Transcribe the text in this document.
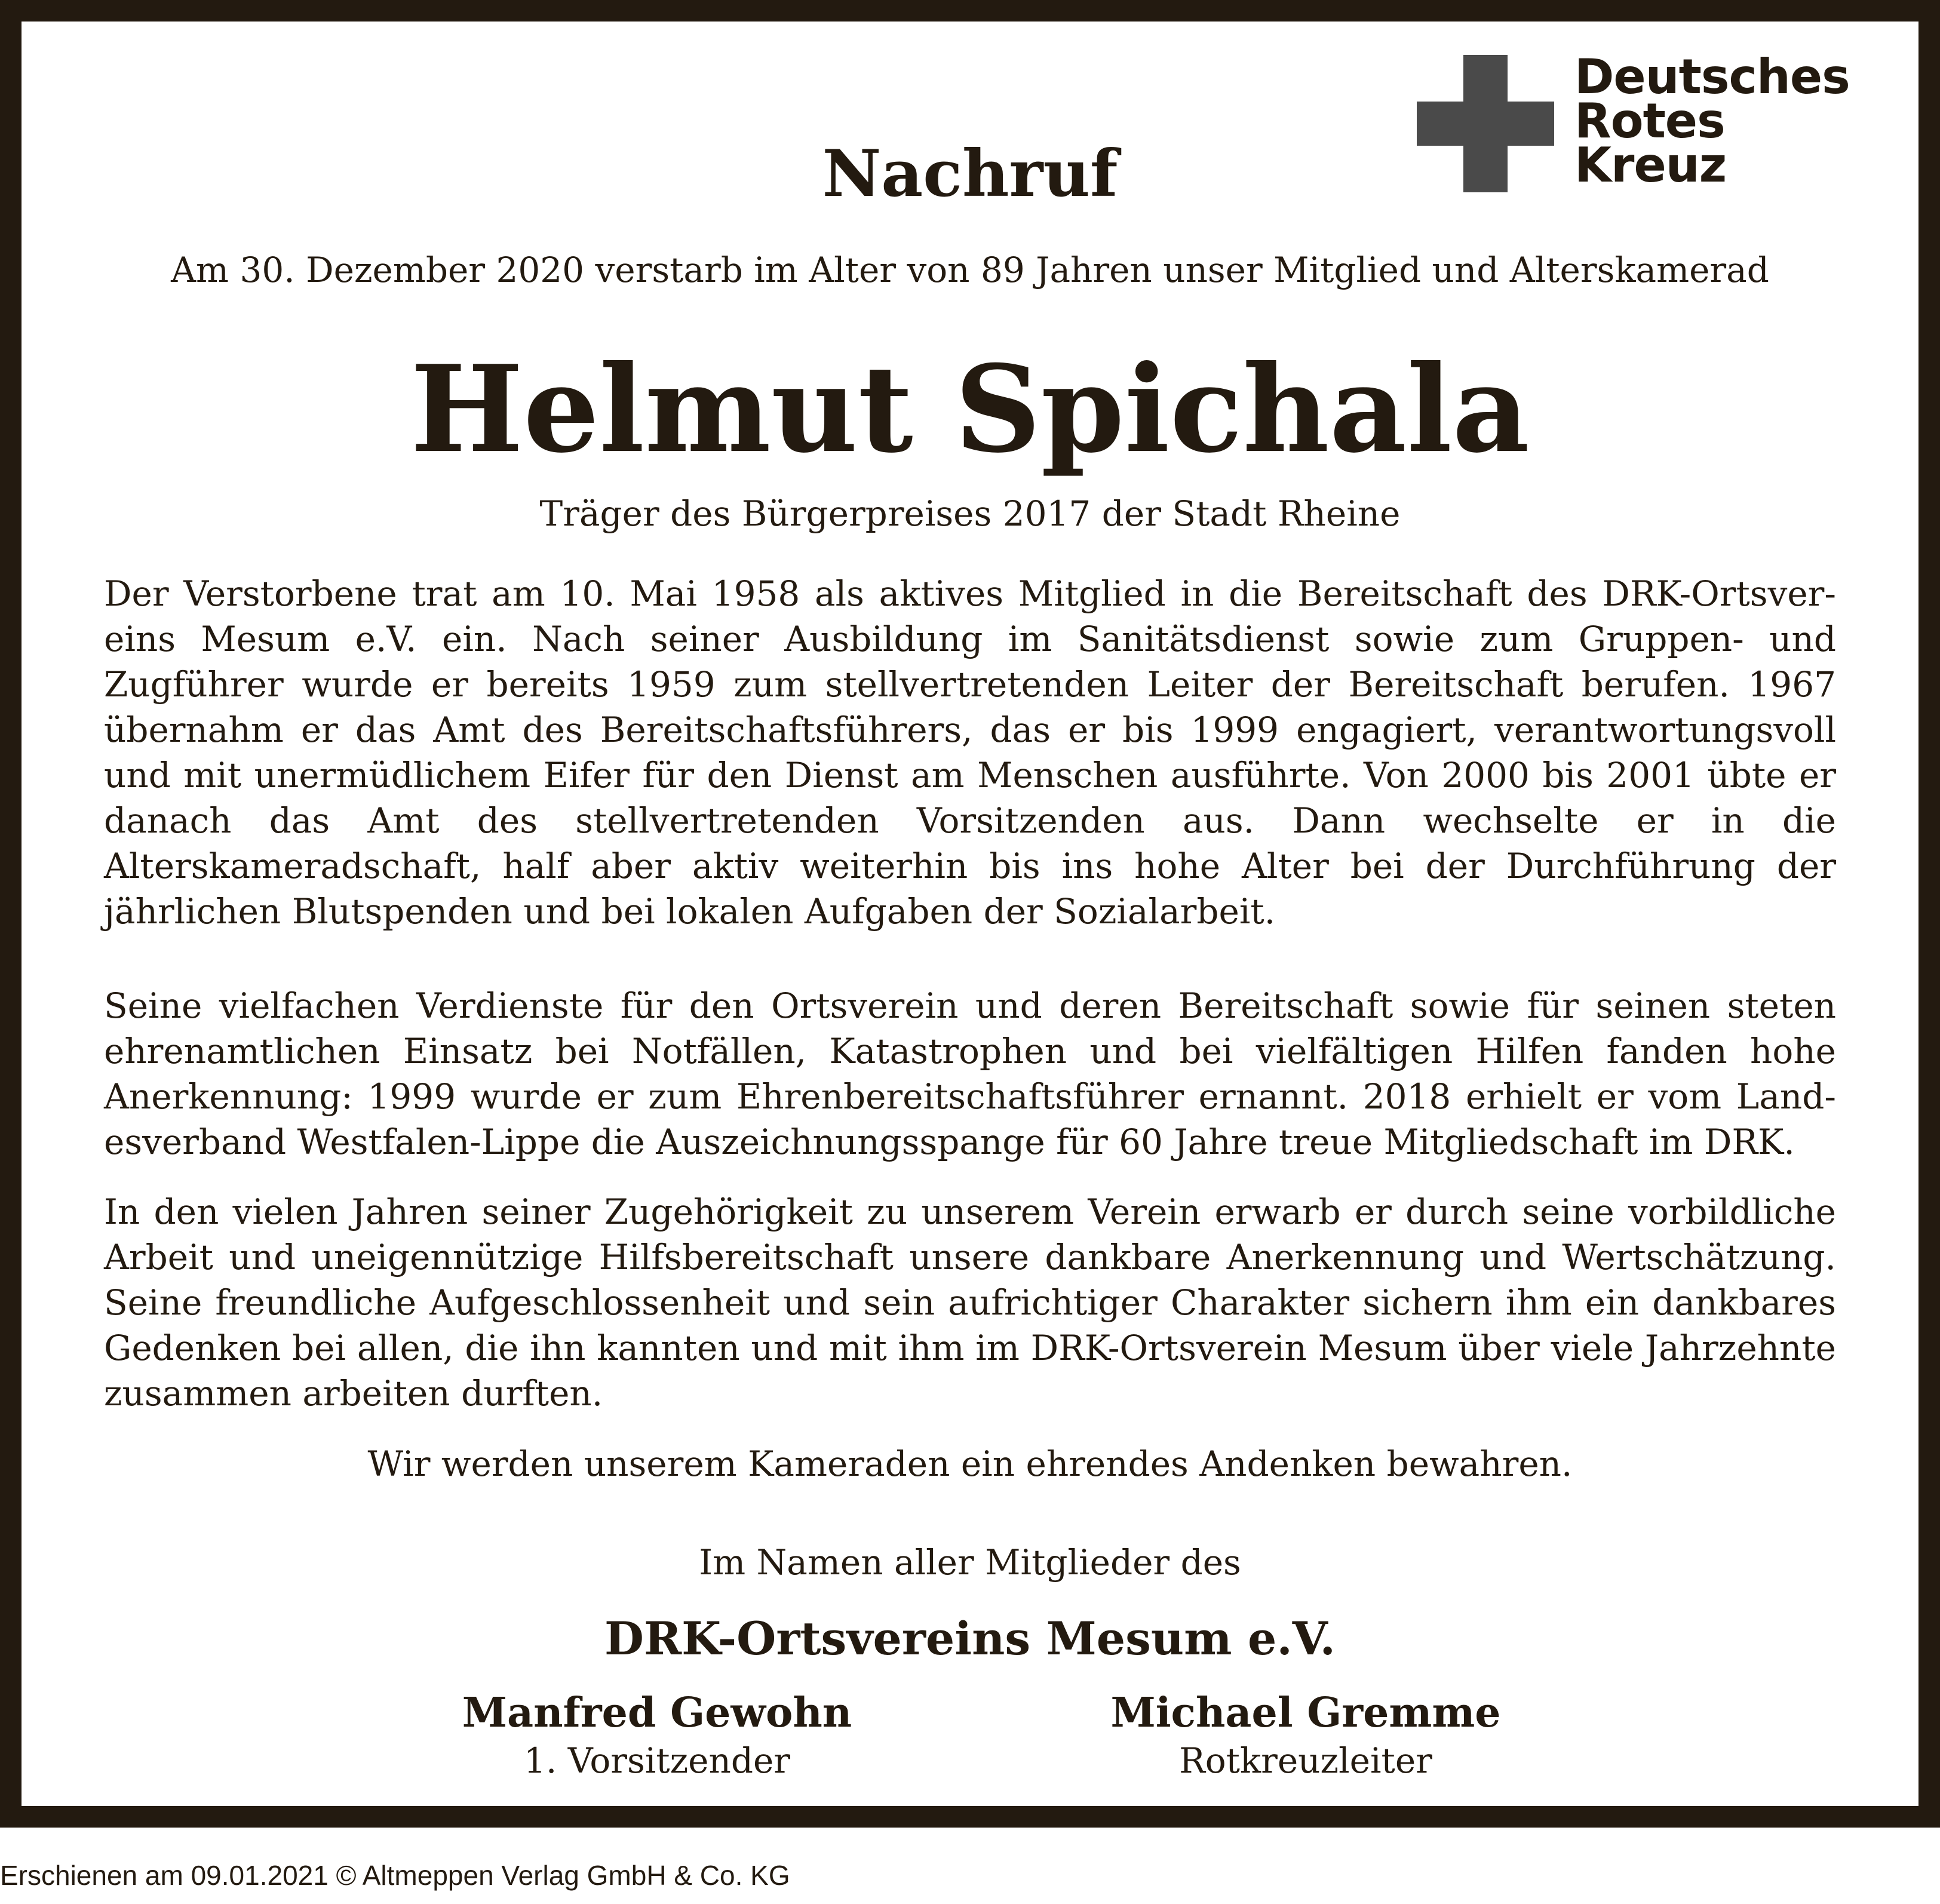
Deutsches
Rotes
Kreuz
Nachruf
Am 30. Dezember 2020 verstarb im Alter von 89 Jahren unser Mitglied und Alterskamerad
Helmut Spichala
Träger des Bürgerpreises 2017 der Stadt Rheine

Der Verstorbene trat am 10. Mai 1958 als aktives Mitglied in die Bereitschaft des DRK-Ortsvereins Mesum e.V. ein. Nach seiner Ausbildung im Sanitätsdienst sowie zum Gruppen- und Zugführer wurde er bereits 1959 zum stellvertretenden Leiter der Bereitschaft berufen. 1967 übernahm er das Amt des Bereitschaftsführers, das er bis 1999 engagiert, verantwortungsvoll und mit unermüdlichem Eifer für den Dienst am Menschen ausführte. Von 2000 bis 2001 übte er danach das Amt des stellvertretenden Vorsitzenden aus. Dann wechselte er in die Alterskameradschaft, half aber aktiv weiterhin bis ins hohe Alter bei der Durchführung der jährlichen Blutspenden und bei lokalen Aufgaben der Sozialarbeit.

Seine vielfachen Verdienste für den Ortsverein und deren Bereitschaft sowie für seinen steten ehrenamtlichen Einsatz bei Notfällen, Katastrophen und bei vielfältigen Hilfen fanden hohe Anerkennung: 1999 wurde er zum Ehrenbereitschaftsführer ernannt. 2018 erhielt er vom Landesverband Westfalen-Lippe die Auszeichnungsspange für 60 Jahre treue Mitgliedschaft im DRK.

In den vielen Jahren seiner Zugehörigkeit zu unserem Verein erwarb er durch seine vorbildliche Arbeit und uneigennützige Hilfsbereitschaft unsere dankbare Anerkennung und Wertschätzung. Seine freundliche Aufgeschlossenheit und sein aufrichtiger Charakter sichern ihm ein dankbares Gedenken bei allen, die ihn kannten und mit ihm im DRK-Ortsverein Mesum über viele Jahrzehnte zusammen arbeiten durften.

Wir werden unserem Kameraden ein ehrendes Andenken bewahren.
Im Namen aller Mitglieder des
DRK-Ortsvereins Mesum e.V.
Manfred Gewohn
1. Vorsitzender
Michael Gremme
Rotkreuzleiter
Erschienen am 09.01.2021 © Altmeppen Verlag GmbH & Co. KG
